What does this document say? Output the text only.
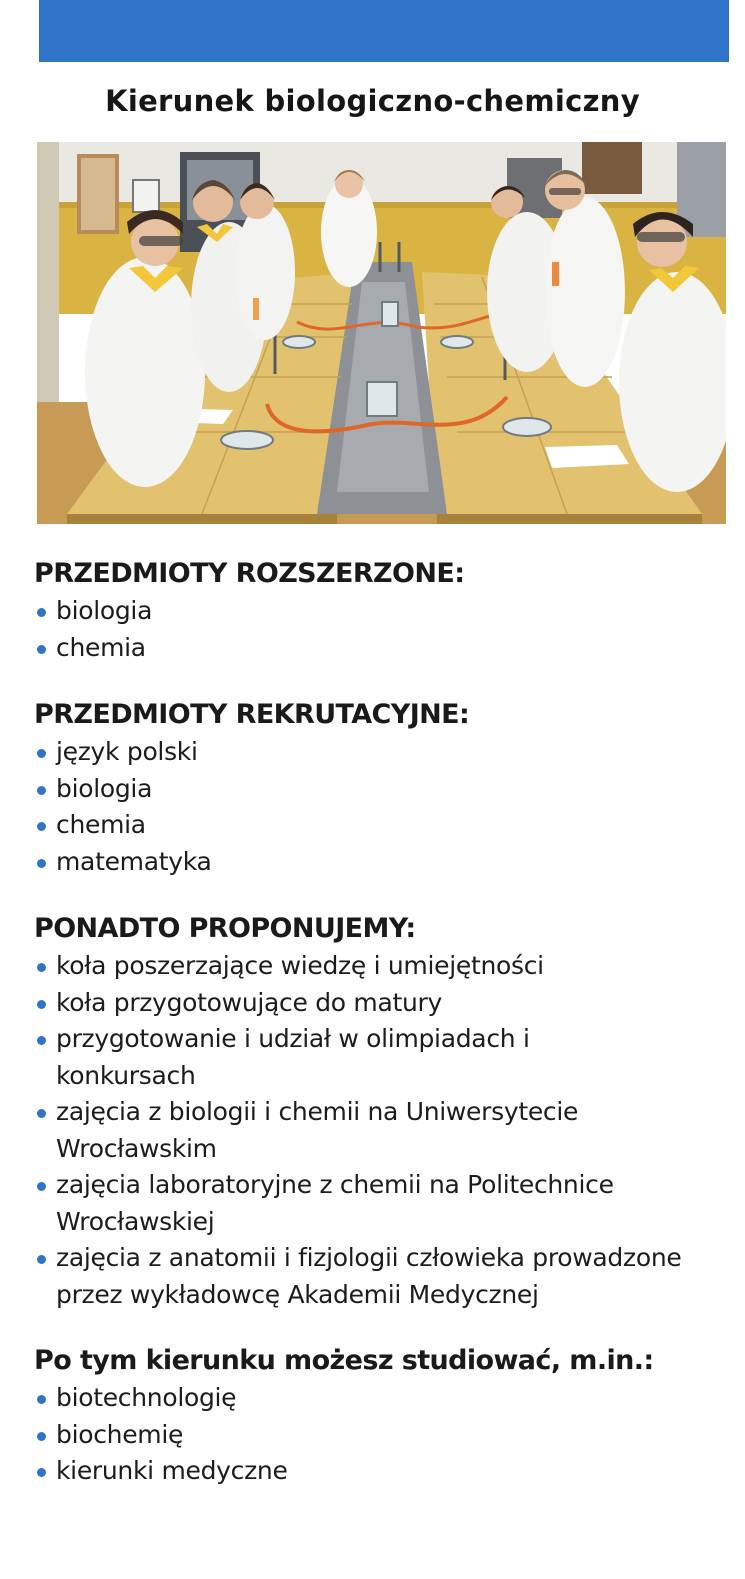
Kierunek biologiczno-chemiczny
PRZEDMIOTY ROZSZERZONE:
biologia
chemia
PRZEDMIOTY REKRUTACYJNE:
język polski
biologia
chemia
matematyka
PONADTO PROPONUJEMY:
koła poszerzające wiedzę i umiejętności
koła przygotowujące do matury
przygotowanie i udział w olimpiadach i konkursach
zajęcia z biologii i chemii na Uniwersytecie Wrocławskim
zajęcia laboratoryjne z chemii na Politechnice Wrocławskiej
zajęcia z anatomii i fizjologii człowieka prowadzone przez wykładowcę Akademii Medycznej
Po tym kierunku możesz studiować, m.in.:
biotechnologię
biochemię
kierunki medyczne
